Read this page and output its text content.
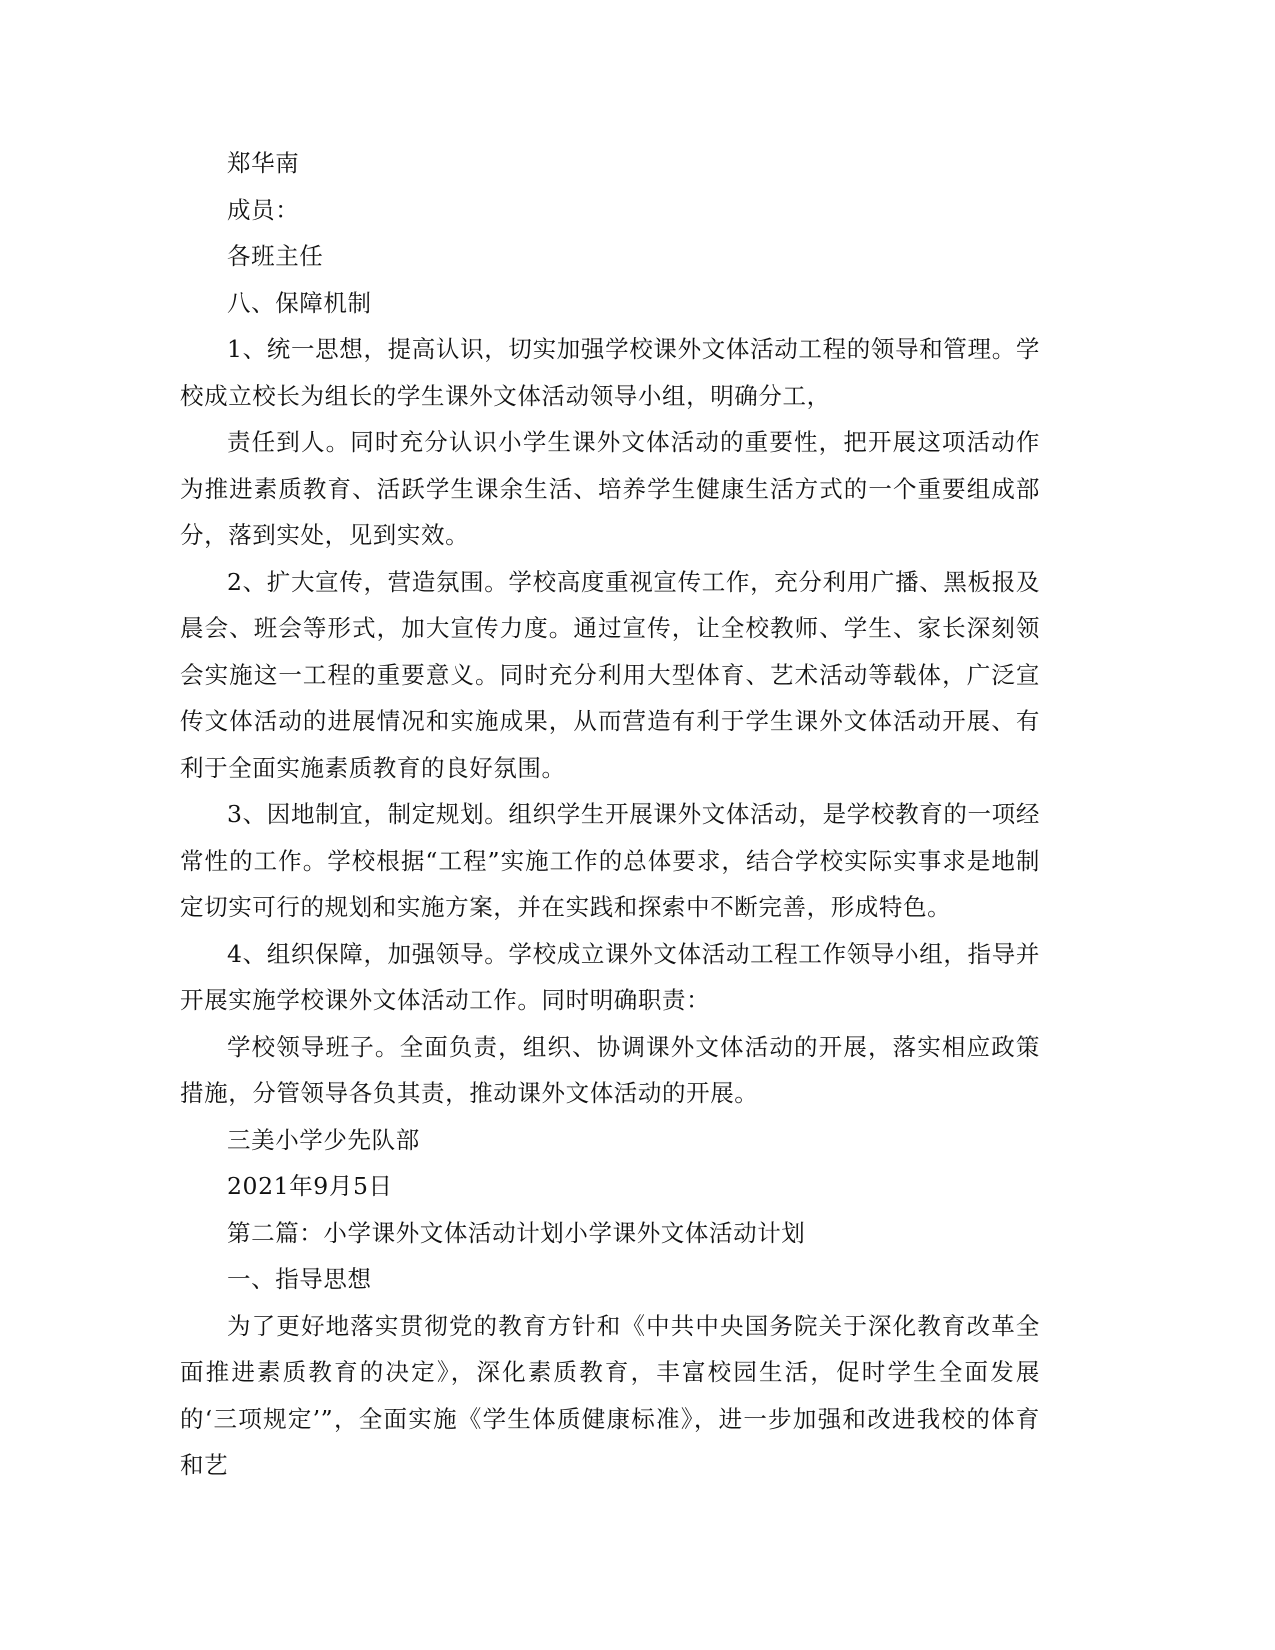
郑华南

成员：

各班主任

八、保障机制

1、统一思想，提高认识，切实加强学校课外文体活动工程的领导和管理。学校成立校长为组长的学生课外文体活动领导小组，明确分工，

责任到人。同时充分认识小学生课外文体活动的重要性，把开展这项活动作为推进素质教育、活跃学生课余生活、培养学生健康生活方式的一个重要组成部分，落到实处，见到实效。

2、扩大宣传，营造氛围。学校高度重视宣传工作，充分利用广播、黑板报及晨会、班会等形式，加大宣传力度。通过宣传，让全校教师、学生、家长深刻领会实施这一工程的重要意义。同时充分利用大型体育、艺术活动等载体，广泛宣传文体活动的进展情况和实施成果，从而营造有利于学生课外文体活动开展、有利于全面实施素质教育的良好氛围。

3、因地制宜，制定规划。组织学生开展课外文体活动，是学校教育的一项经常性的工作。学校根据“工程”实施工作的总体要求，结合学校实际实事求是地制定切实可行的规划和实施方案，并在实践和探索中不断完善，形成特色。

4、组织保障，加强领导。学校成立课外文体活动工程工作领导小组，指导并开展实施学校课外文体活动工作。同时明确职责：

学校领导班子。全面负责，组织、协调课外文体活动的开展，落实相应政策措施，分管领导各负其责，推动课外文体活动的开展。

三美小学少先队部

2021年9月5日

第二篇：小学课外文体活动计划小学课外文体活动计划

一、指导思想

为了更好地落实贯彻党的教育方针和《中共中央国务院关于深化教育改革全面推进素质教育的决定》，深化素质教育，丰富校园生活，促时学生全面发展的‘三项规定’”，全面实施《学生体质健康标准》，进一步加强和改进我校的体育和艺
